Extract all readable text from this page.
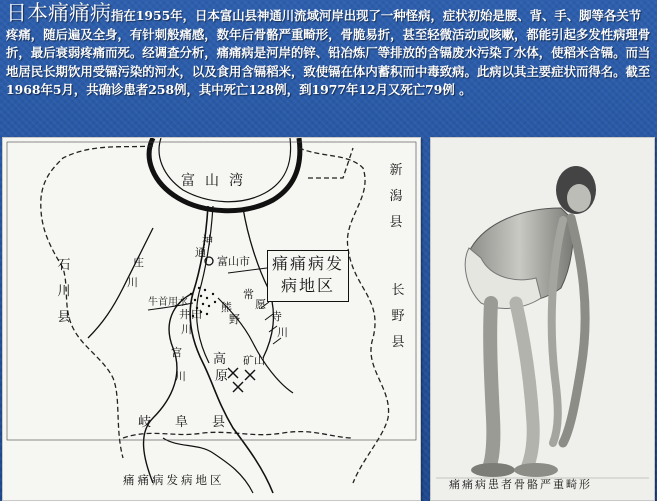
日本痛痛病指在1955年，日本富山县神通川流域河岸出现了一种怪病，症状初始是腰、背、手、脚等各关节疼痛，随后遍及全身，有针刺般痛感，数年后骨骼严重畸形，骨脆易折，甚至轻微活动或咳嗽，都能引起多发性病理骨折，最后衰弱疼痛而死。经调查分析，痛痛病是河岸的锌、铅冶炼厂等排放的含镉废水污染了水体，使稻米含镉。而当地居民长期饮用受镉污染的河水，以及食用含镉稻米，致使镉在体内蓄积而中毒致病。此病以其主要症状而得名。截至1968年5月，共确诊患者258例，其中死亡128例，到1977年12月又死亡79例 。

富山湾
石川县
新潟县
长野县
岐阜县
富山市	痛痛病发病地区
神
通
庄
川
牛首用水	熊
野
井 田
川
常
愿
寺
川
宫 高
原
矿山
川
痛痛病发病地区	痛痛病患者骨骼严重畸形
